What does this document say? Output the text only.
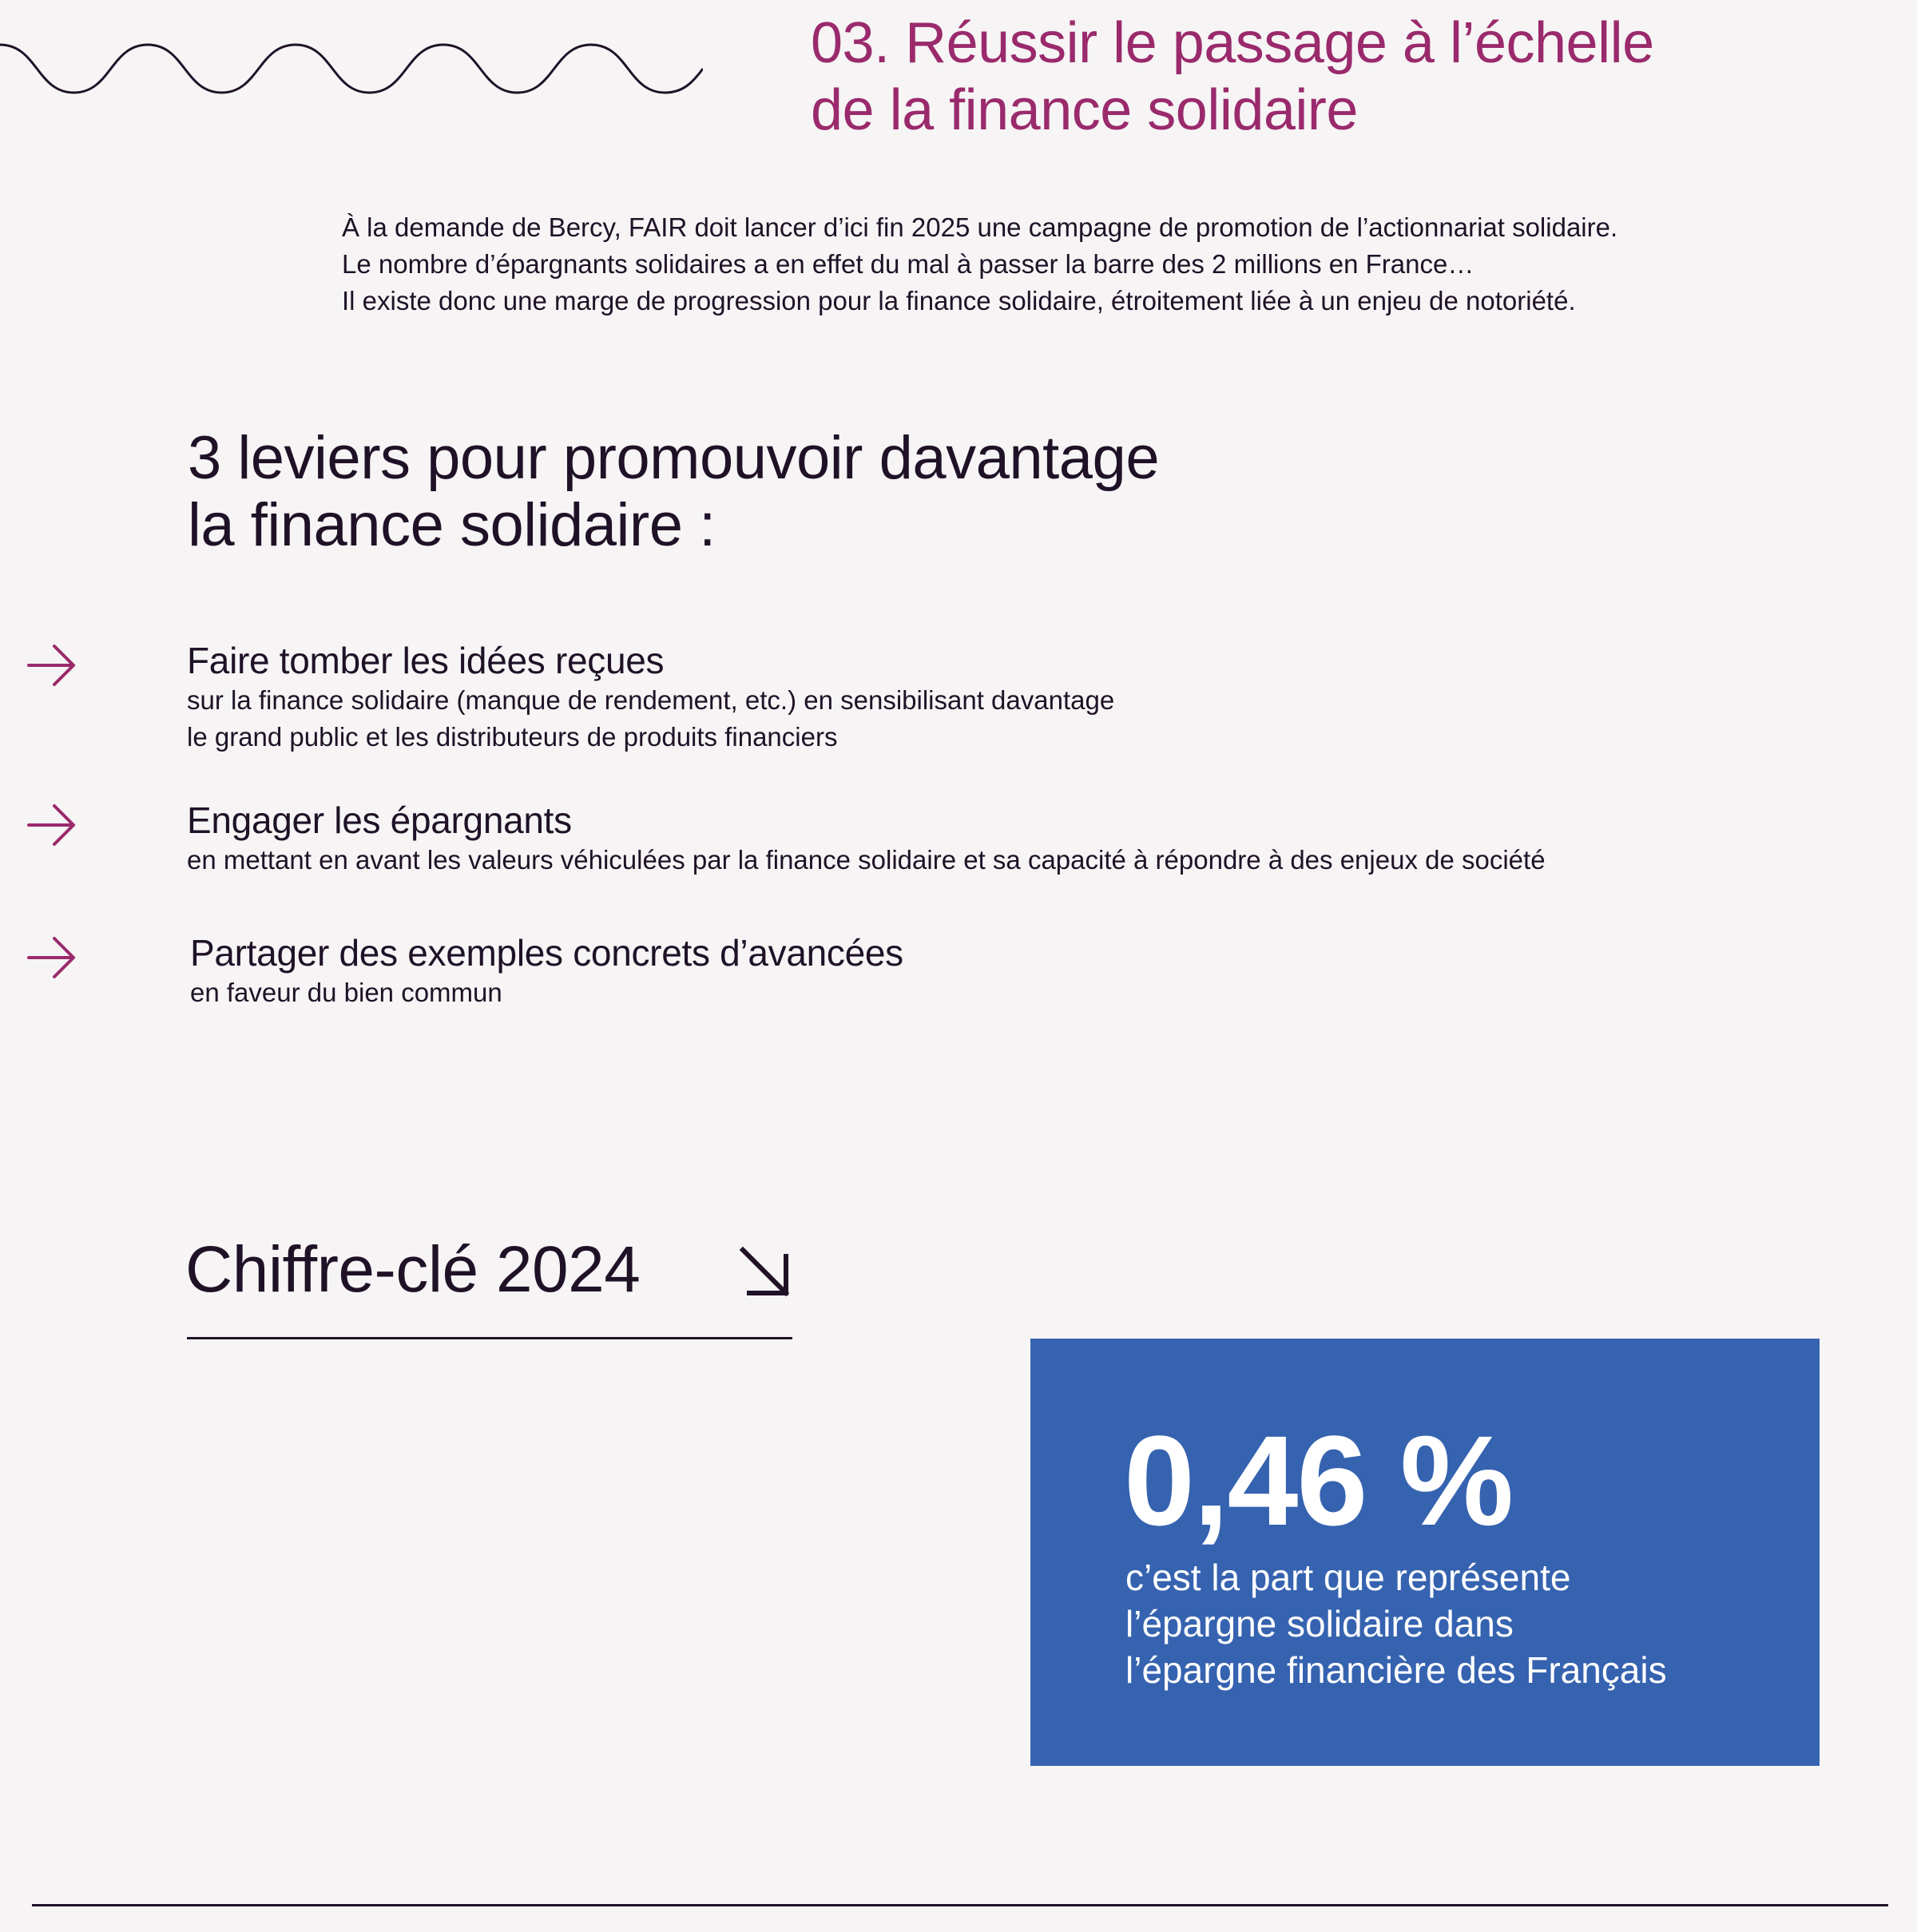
03. Réussir le passage à l’échelle
de la finance solidaire

À la demande de Bercy, FAIR doit lancer d’ici fin 2025 une campagne de promotion de l’actionnariat solidaire.
Le nombre d’épargnants solidaires a en effet du mal à passer la barre des 2 millions en France…
Il existe donc une marge de progression pour la finance solidaire, étroitement liée à un enjeu de notoriété.

3 leviers pour promouvoir davantage
la finance solidaire :
Faire tomber les idées reçues
sur la finance solidaire (manque de rendement, etc.) en sensibilisant davantage
le grand public et les distributeurs de produits financiers
Engager les épargnants
en mettant en avant les valeurs véhiculées par la finance solidaire et sa capacité à répondre à des enjeux de société
Partager des exemples concrets d’avancées
en faveur du bien commun
Chiffre-clé 2024

0,46 %

c’est la part que représente
l’épargne solidaire dans
l’épargne financière des Français
